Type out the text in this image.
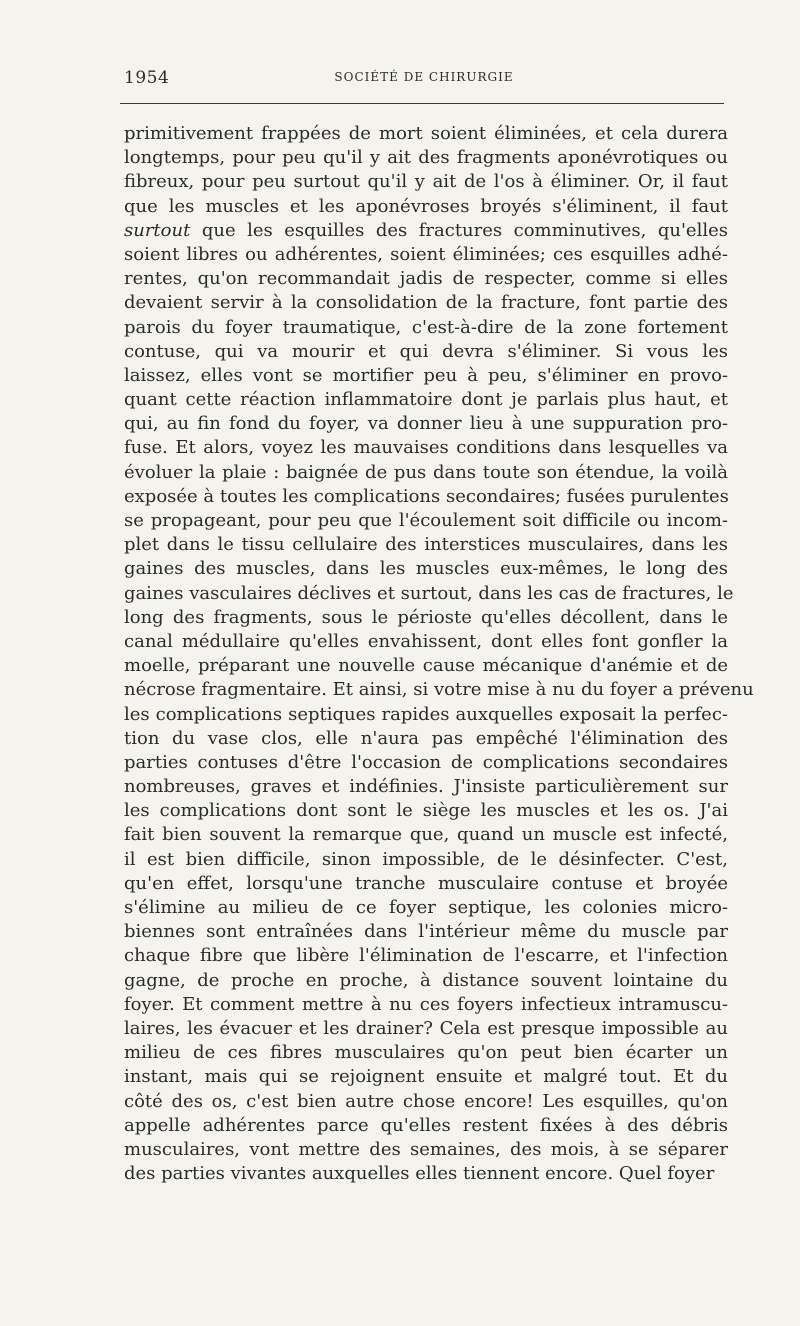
1954	SOCIÉTÉ DE CHIRURGIE
primitivement frappées de mort soient éliminées, et cela durera
longtemps, pour peu qu'il y ait des fragments aponévrotiques ou
fibreux, pour peu surtout qu'il y ait de l'os à éliminer. Or, il faut
que les muscles et les aponévroses broyés s'éliminent, il faut
surtout que les esquilles des fractures comminutives, qu'elles
soient libres ou adhérentes, soient éliminées; ces esquilles adhé-
rentes, qu'on recommandait jadis de respecter, comme si elles
devaient servir à la consolidation de la fracture, font partie des
parois du foyer traumatique, c'est-à-dire de la zone fortement
contuse, qui va mourir et qui devra s'éliminer. Si vous les
laissez, elles vont se mortifier peu à peu, s'éliminer en provo-
quant cette réaction inflammatoire dont je parlais plus haut, et
qui, au fin fond du foyer, va donner lieu à une suppuration pro-
fuse. Et alors, voyez les mauvaises conditions dans lesquelles va
évoluer la plaie : baignée de pus dans toute son étendue, la voilà
exposée à toutes les complications secondaires; fusées purulentes
se propageant, pour peu que l'écoulement soit difficile ou incom-
plet dans le tissu cellulaire des interstices musculaires, dans les
gaines des muscles, dans les muscles eux-mêmes, le long des
gaines vasculaires déclives et surtout, dans les cas de fractures, le
long des fragments, sous le périoste qu'elles décollent, dans le
canal médullaire qu'elles envahissent, dont elles font gonfler la
moelle, préparant une nouvelle cause mécanique d'anémie et de
nécrose fragmentaire. Et ainsi, si votre mise à nu du foyer a prévenu
les complications septiques rapides auxquelles exposait la perfec-
tion du vase clos, elle n'aura pas empêché l'élimination des
parties contuses d'être l'occasion de complications secondaires
nombreuses, graves et indéfinies. J'insiste particulièrement sur
les complications dont sont le siège les muscles et les os. J'ai
fait bien souvent la remarque que, quand un muscle est infecté,
il est bien difficile, sinon impossible, de le désinfecter. C'est,
qu'en effet, lorsqu'une tranche musculaire contuse et broyée
s'élimine au milieu de ce foyer septique, les colonies micro-
biennes sont entraînées dans l'intérieur même du muscle par
chaque fibre que libère l'élimination de l'escarre, et l'infection
gagne, de proche en proche, à distance souvent lointaine du
foyer. Et comment mettre à nu ces foyers infectieux intramuscu-
laires, les évacuer et les drainer? Cela est presque impossible au
milieu de ces fibres musculaires qu'on peut bien écarter un
instant, mais qui se rejoignent ensuite et malgré tout. Et du
côté des os, c'est bien autre chose encore! Les esquilles, qu'on
appelle adhérentes parce qu'elles restent fixées à des débris
musculaires, vont mettre des semaines, des mois, à se séparer
des parties vivantes auxquelles elles tiennent encore. Quel foyer
